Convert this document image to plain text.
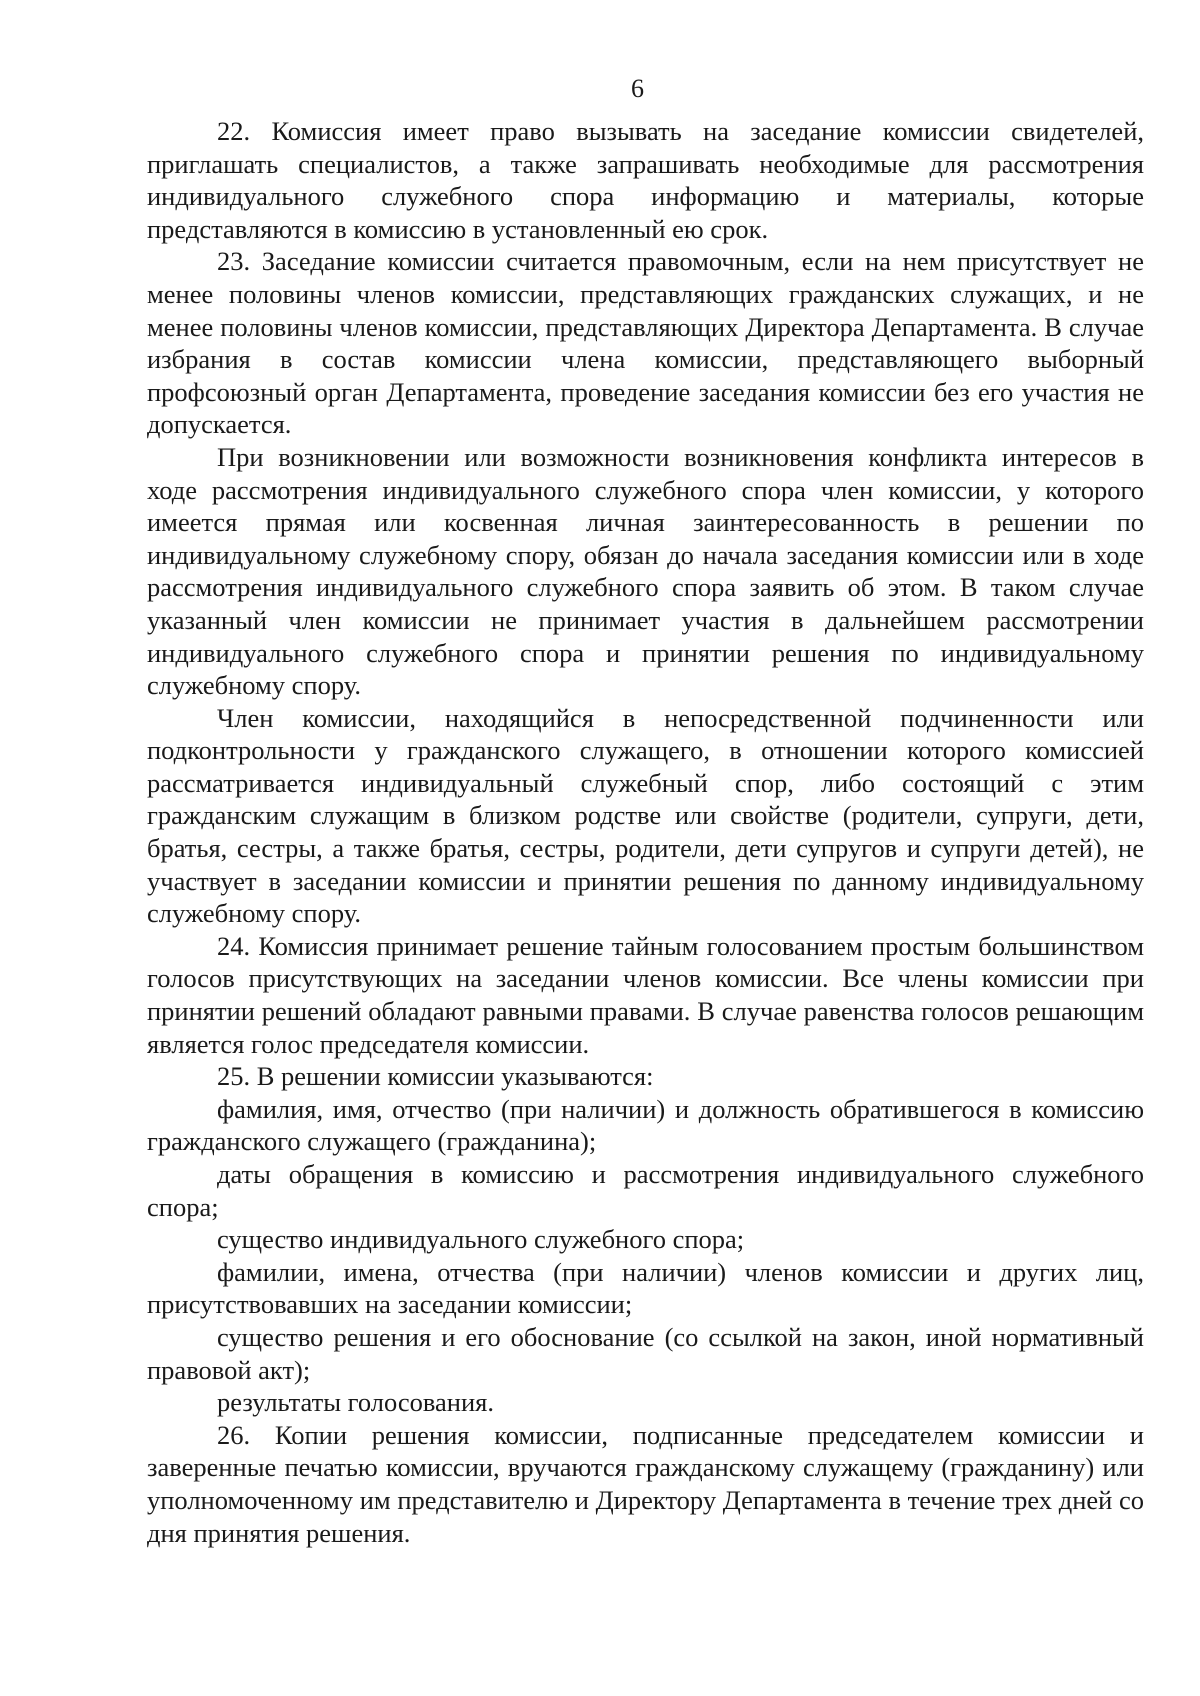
6

22. Комиссия имеет право вызывать на заседание комиссии свидетелей, приглашать специалистов, а также запрашивать необходимые для рассмотрения индивидуального служебного спора информацию и материалы, которые представляются в комиссию в установленный ею срок.

23. Заседание комиссии считается правомочным, если на нем присутствует не менее половины членов комиссии, представляющих гражданских служащих, и не менее половины членов комиссии, представляющих Директора Департамента. В случае избрания в состав комиссии члена комиссии, представляющего выборный профсоюзный орган Департамента, проведение заседания комиссии без его участия не допускается.

При возникновении или возможности возникновения конфликта интересов в ходе рассмотрения индивидуального служебного спора член комиссии, у которого имеется прямая или косвенная личная заинтересованность в решении по индивидуальному служебному спору, обязан до начала заседания комиссии или в ходе рассмотрения индивидуального служебного спора заявить об этом. В таком случае указанный член комиссии не принимает участия в дальнейшем рассмотрении индивидуального служебного спора и принятии решения по индивидуальному служебному спору.

Член комиссии, находящийся в непосредственной подчиненности или подконтрольности у гражданского служащего, в отношении которого комиссией рассматривается индивидуальный служебный спор, либо состоящий с этим гражданским служащим в близком родстве или свойстве (родители, супруги, дети, братья, сестры, а также братья, сестры, родители, дети супругов и супруги детей), не участвует в заседании комиссии и принятии решения по данному индивидуальному служебному спору.

24. Комиссия принимает решение тайным голосованием простым большинством голосов присутствующих на заседании членов комиссии. Все члены комиссии при принятии решений обладают равными правами. В случае равенства голосов решающим является голос председателя комиссии.

25. В решении комиссии указываются:

фамилия, имя, отчество (при наличии) и должность обратившегося в комиссию гражданского служащего (гражданина);

даты обращения в комиссию и рассмотрения индивидуального служебного спора;

существо индивидуального служебного спора;

фамилии, имена, отчества (при наличии) членов комиссии и других лиц, присутствовавших на заседании комиссии;

существо решения и его обоснование (со ссылкой на закон, иной нормативный правовой акт);

результаты голосования.

26. Копии решения комиссии, подписанные председателем комиссии и заверенные печатью комиссии, вручаются гражданскому служащему (гражданину) или уполномоченному им представителю и Директору Департамента в течение трех дней со дня принятия решения.
